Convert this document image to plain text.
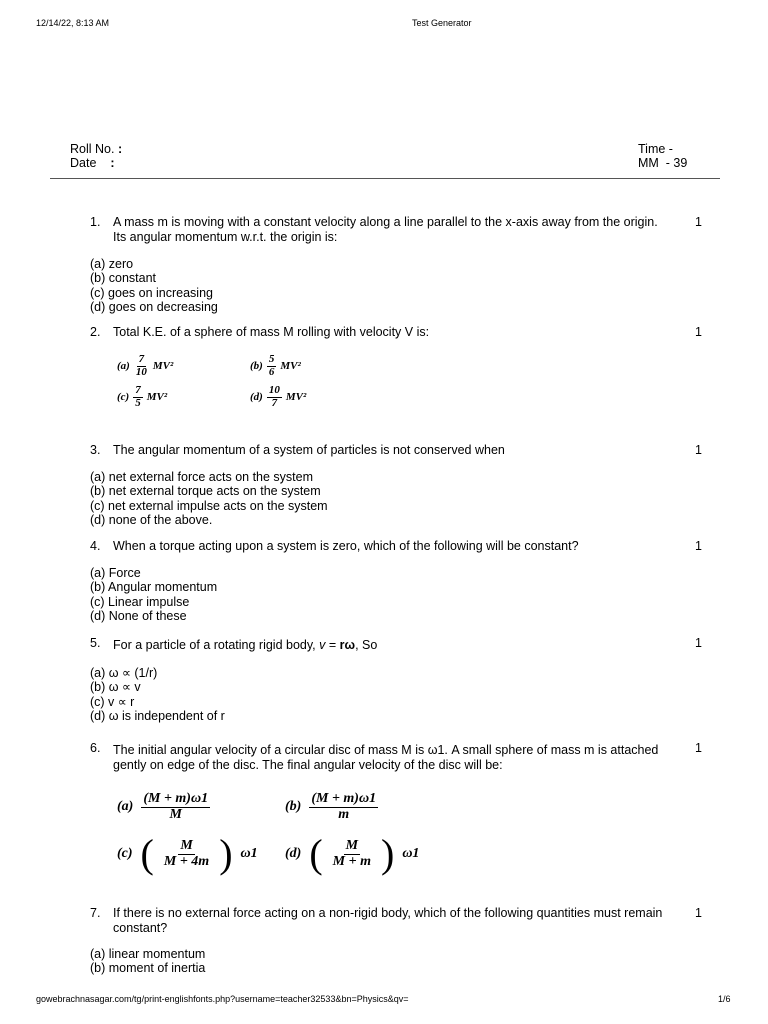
12/14/22, 8:13 AM	Test Generator
Roll No. :
Date :
Time -
MM  - 39
1.	A mass m is moving with a constant velocity along a line parallel to the x-axis away from the origin. Its angular momentum w.r.t. the origin is:
1
(a) zero
(b) constant
(c) goes on increasing
(d) goes on decreasing
2.	Total K.E. of a sphere of mass M rolling with velocity V is:	1
$(a) \frac{7}{10} MV^2$	$(b) \frac{5}{6} MV^2$
$(c) \frac{7}{5} MV^2$	$(d) \frac{10}{7} MV^2$
3.	The angular momentum of a system of particles is not conserved when	1
(a) net external force acts on the system
(b) net external torque acts on the system
(c) net external impulse acts on the system
(d) none of the above.
4.	When a torque acting upon a system is zero, which of the following will be constant?	1
(a) Force
(b) Angular momentum
(c) Linear impulse
(d) None of these
5.	For a particle of a rotating rigid body, v = rω, So	1
(a) ω ∝ (1/r)
(b) ω ∝ v
(c) v ∝ r
(d) ω is independent of r
6.	The initial angular velocity of a circular disc of mass M is ω1. A small sphere of mass m is attached gently on edge of the disc. The final angular velocity of the disc will be:
1
$(a) \frac{(M + m)\omega 1}{M}$	$(b) \frac{(M + m)\omega 1}{m}$
(c) ( $\frac{M}{M + 4m}$ ) ω1 (d) ( $\frac{M}{M + m}$ ) ω1
7.	If there is no external force acting on a non-rigid body, which of the following quantities must remain constant?
1
(a) linear momentum
(b) moment of inertia
gowebrachnasagar.com/tg/print-englishfonts.php?username=teacher32533&bn=Physics&qv=	1/6
